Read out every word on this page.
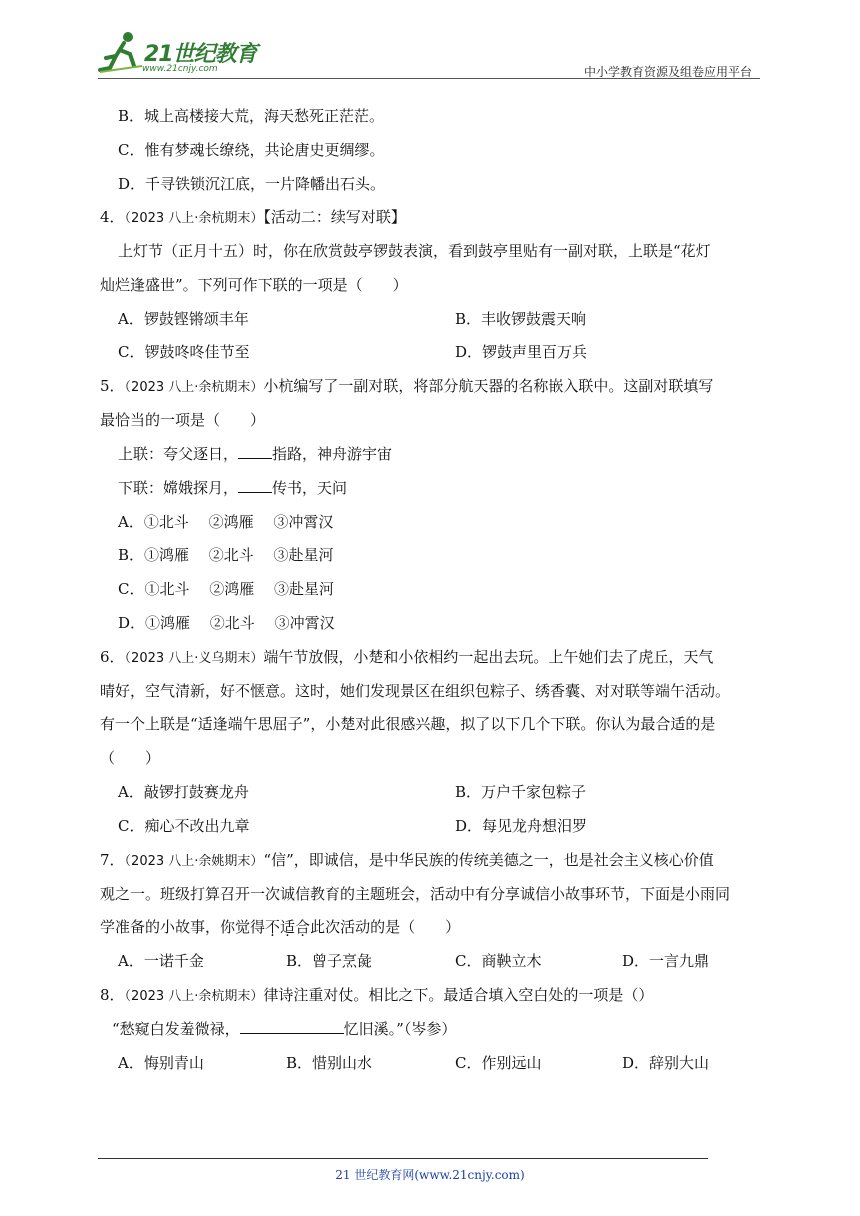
21世纪教育
www.21cnjy.com	中小学教育资源及组卷应用平台
B．城上高楼接大荒，海天愁死正茫茫。
C．惟有梦魂长缭绕，共论唐史更绸缪。
D．千寻铁锁沉江底，一片降幡出石头。
4．（2023 八上·余杭期末）【活动二：续写对联】
上灯节（正月十五）时，你在欣赏鼓亭锣鼓表演，看到鼓亭里贴有一副对联，上联是“花灯
灿烂逢盛世”。下列可作下联的一项是（　　）
A．锣鼓铿锵颂丰年	B．丰收锣鼓震天响
C．锣鼓咚咚佳节至	D．锣鼓声里百万兵
5．（2023 八上·余杭期末）小杭编写了一副对联，将部分航天器的名称嵌入联中。这副对联填写
最恰当的一项是（　　）
上联：夸父逐日， 指路，神舟游宇宙
下联：嫦娥探月， 传书，天问
A．①北斗　 ②鸿雁　 ③冲霄汉
B．①鸿雁　 ②北斗　 ③赴星河
C．①北斗　 ②鸿雁　 ③赴星河
D．①鸿雁　 ②北斗　 ③冲霄汉
6．（2023 八上·义乌期末）端午节放假，小楚和小依相约一起出去玩。上午她们去了虎丘，天气
晴好，空气清新，好不惬意。这时，她们发现景区在组织包粽子、绣香囊、对对联等端午活动。
有一个上联是“适逢端午思屈子”，小楚对此很感兴趣，拟了以下几个下联。你认为最合适的是
（　　）
A．敲锣打鼓赛龙舟	B．万户千家包粽子
C．痴心不改出九章	D．每见龙舟想汨罗
7．（2023 八上·余姚期末）“信”，即诚信，是中华民族的传统美德之一，也是社会主义核心价值
观之一。班级打算召开一次诚信教育的主题班会，活动中有分享诚信小故事环节，下面是小雨同
学准备的小故事，你觉得不适合此次活动的是（　　）
A．一诺千金	B．曾子烹彘	C．商鞅立木	D．一言九鼎
8．（2023 八上·余杭期末）律诗注重对仗。相比之下。最适合填入空白处的一项是（）
“愁窥白发羞微禄，	忆旧溪。”（岑参）
A．悔别青山	B．惜别山水	C．作别远山	D．辞别大山
21 世纪教育网(www.21cnjy.com)
